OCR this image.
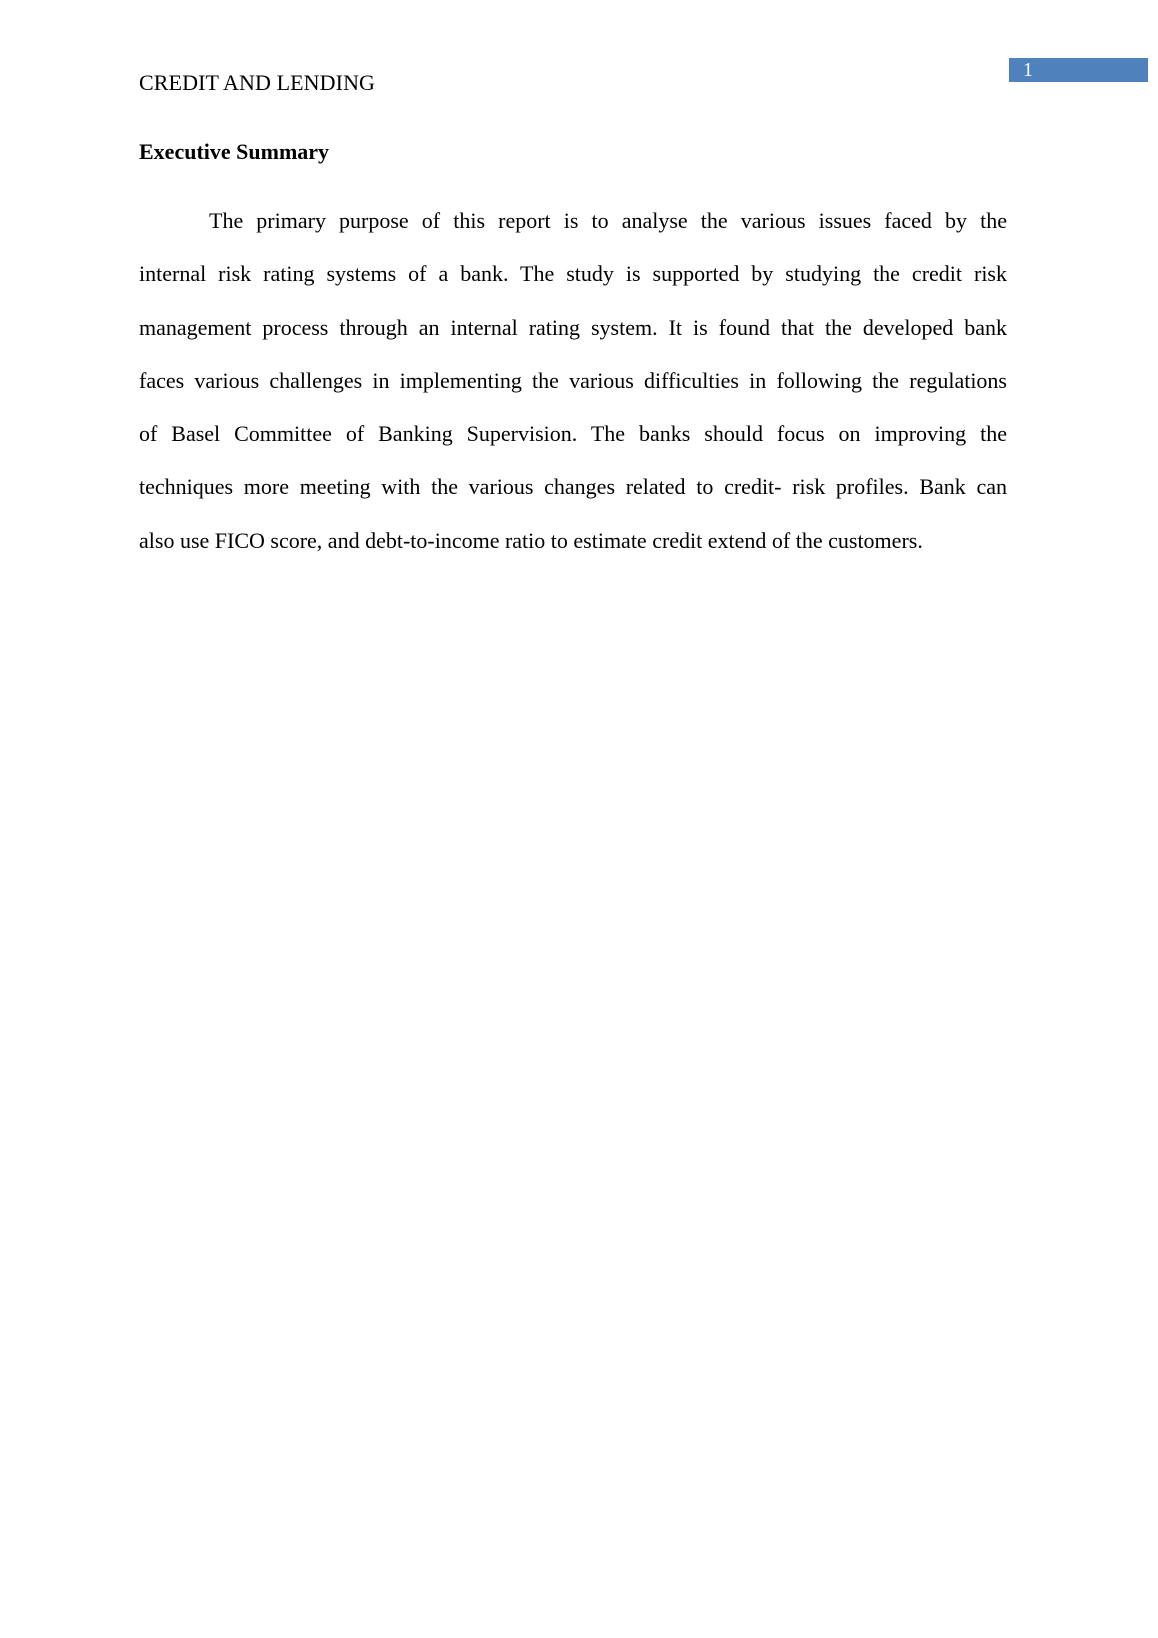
1
CREDIT AND LENDING
Executive Summary
The primary purpose of this report is to analyse the various issues faced by the
internal risk rating systems of a bank. The study is supported by studying the credit risk
management process through an internal rating system. It is found that the developed bank
faces various challenges in implementing the various difficulties in following the regulations
of Basel Committee of Banking Supervision. The banks should focus on improving the
techniques more meeting with the various changes related to credit- risk profiles. Bank can
also use FICO score, and debt-to-income ratio to estimate credit extend of the customers.
